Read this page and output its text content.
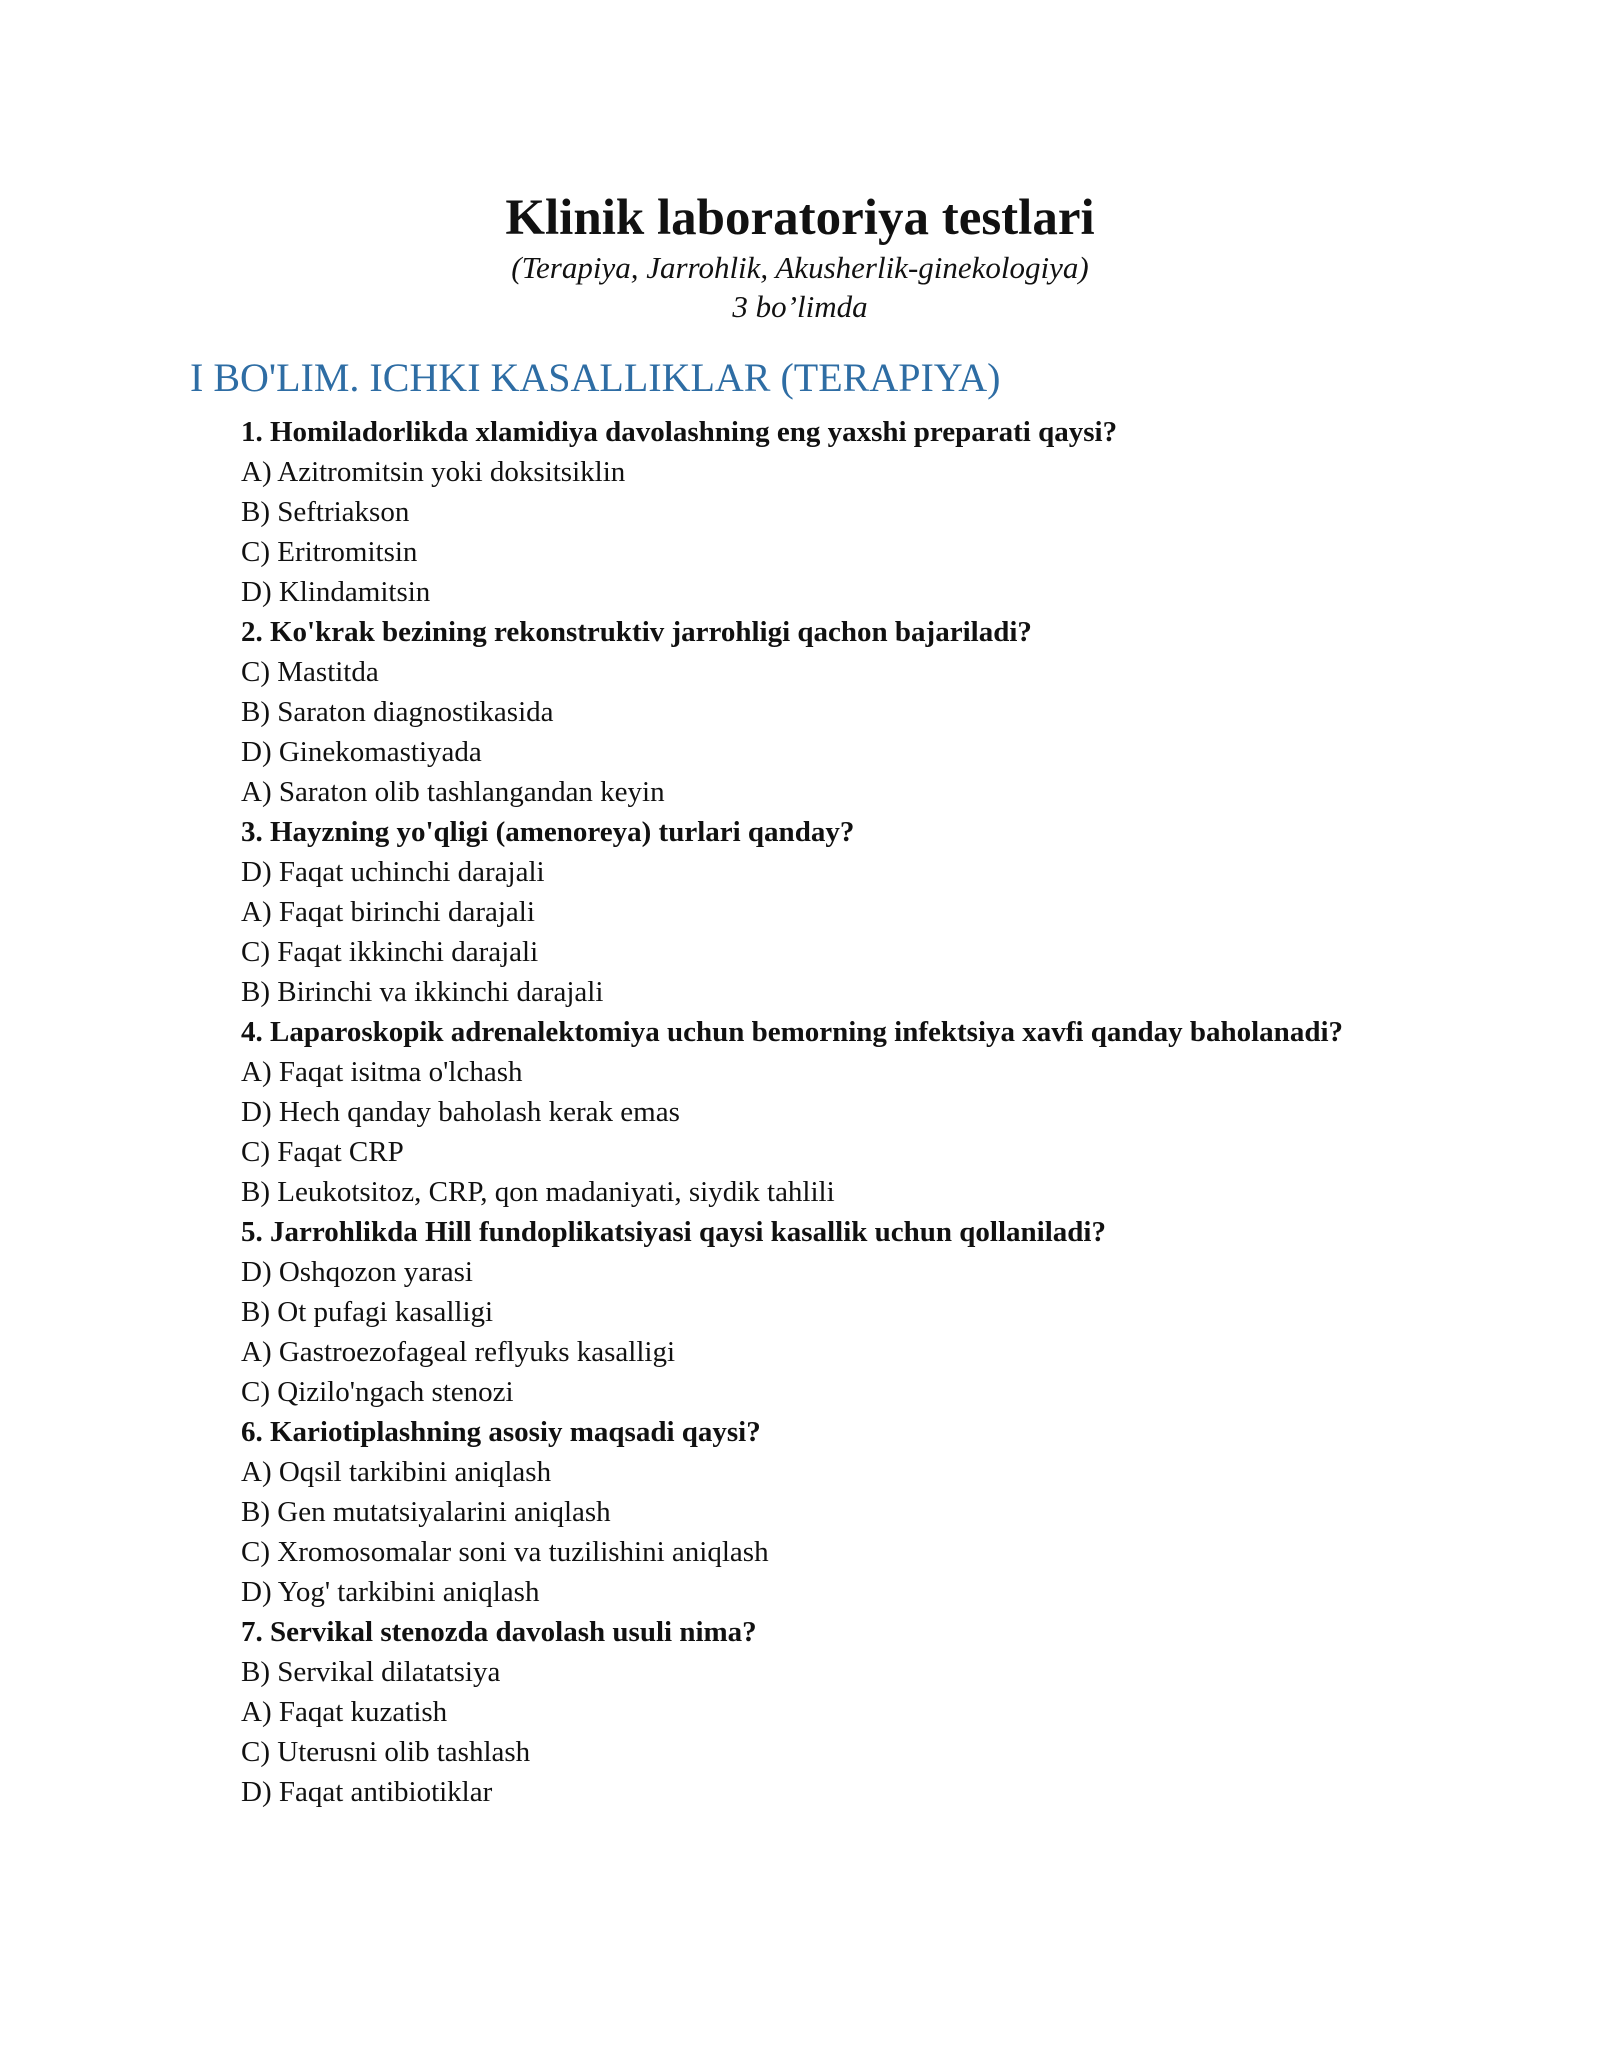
Klinik laboratoriya testlari

(Terapiya, Jarrohlik, Akusherlik-ginekologiya)

3 bo’limda

I BO'LIM. ICHKI KASALLIKLAR (TERAPIYA)

1. Homiladorlikda xlamidiya davolashning eng yaxshi preparati qaysi?

A) Azitromitsin yoki doksitsiklin

B) Seftriakson

C) Eritromitsin

D) Klindamitsin

2. Ko'krak bezining rekonstruktiv jarrohligi qachon bajariladi?

C) Mastitda

B) Saraton diagnostikasida

D) Ginekomastiyada

A) Saraton olib tashlangandan keyin

3. Hayzning yo'qligi (amenoreya) turlari qanday?

D) Faqat uchinchi darajali

A) Faqat birinchi darajali

C) Faqat ikkinchi darajali

B) Birinchi va ikkinchi darajali

4. Laparoskopik adrenalektomiya uchun bemorning infektsiya xavfi qanday baholanadi?

A) Faqat isitma o'lchash

D) Hech qanday baholash kerak emas

C) Faqat CRP

B) Leukotsitoz, CRP, qon madaniyati, siydik tahlili

5. Jarrohlikda Hill fundoplikatsiyasi qaysi kasallik uchun qollaniladi?

D) Oshqozon yarasi

B) Ot pufagi kasalligi

A) Gastroezofageal reflyuks kasalligi

C) Qizilo'ngach stenozi

6. Kariotiplashning asosiy maqsadi qaysi?

A) Oqsil tarkibini aniqlash

B) Gen mutatsiyalarini aniqlash

C) Xromosomalar soni va tuzilishini aniqlash

D) Yog' tarkibini aniqlash

7. Servikal stenozda davolash usuli nima?

B) Servikal dilatatsiya

A) Faqat kuzatish

C) Uterusni olib tashlash

D) Faqat antibiotiklar
